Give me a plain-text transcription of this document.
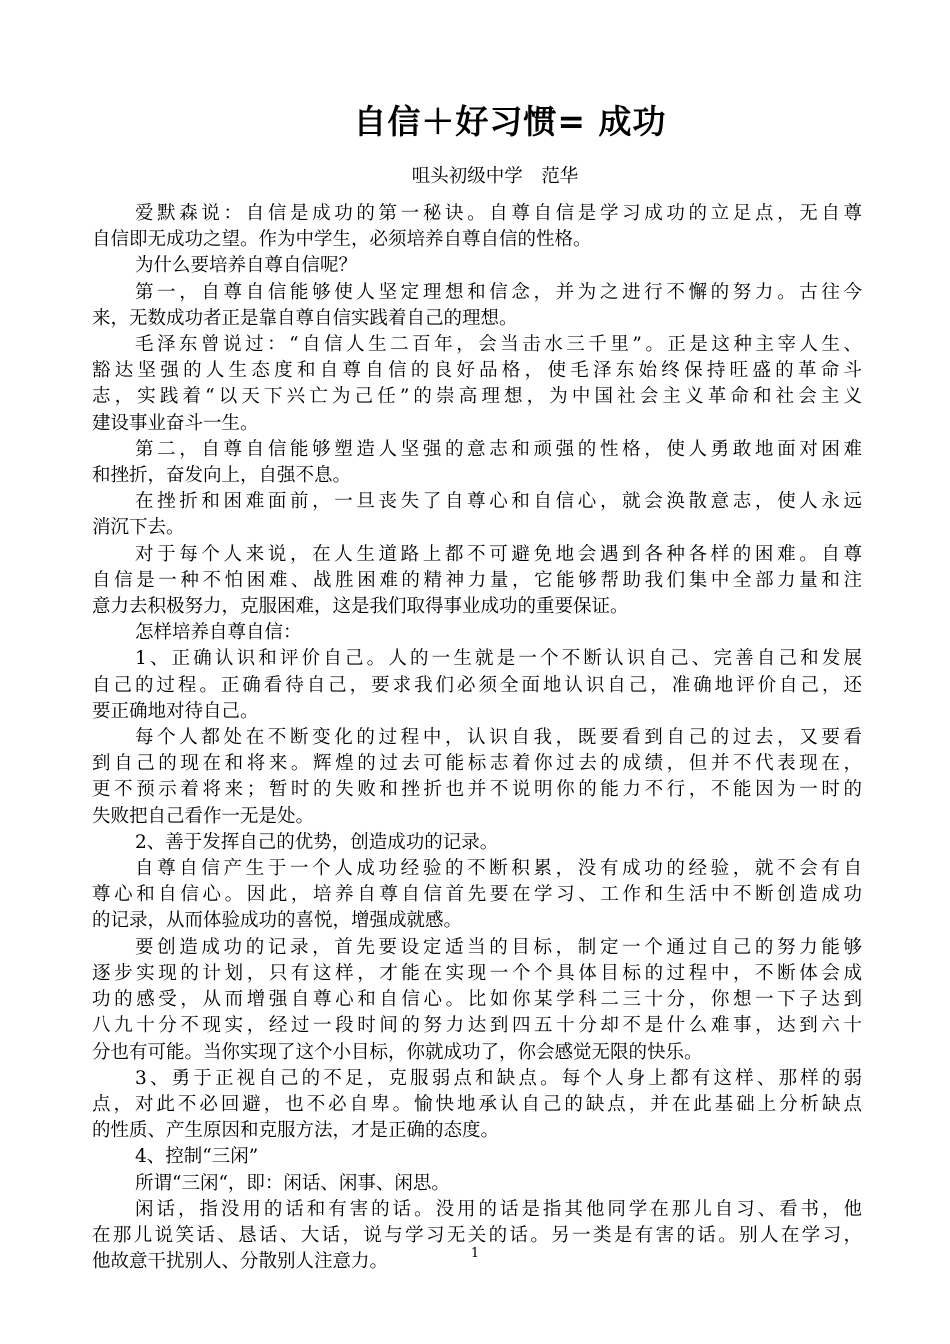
自信＋好习惯= 成功
咀头初级中学　范华
爱默森说：自信是成功的第一秘诀。自尊自信是学习成功的立足点，无自尊
自信即无成功之望。作为中学生，必须培养自尊自信的性格。
为什么要培养自尊自信呢？
第一，自尊自信能够使人坚定理想和信念，并为之进行不懈的努力。古往今
来，无数成功者正是靠自尊自信实践着自己的理想。
毛泽东曾说过：“自信人生二百年，会当击水三千里”。正是这种主宰人生、
豁达坚强的人生态度和自尊自信的良好品格，使毛泽东始终保持旺盛的革命斗
志，实践着“以天下兴亡为己任”的崇高理想，为中国社会主义革命和社会主义
建设事业奋斗一生。
第二，自尊自信能够塑造人坚强的意志和顽强的性格，使人勇敢地面对困难
和挫折，奋发向上，自强不息。
在挫折和困难面前，一旦丧失了自尊心和自信心，就会涣散意志，使人永远
消沉下去。
对于每个人来说，在人生道路上都不可避免地会遇到各种各样的困难。自尊
自信是一种不怕困难、战胜困难的精神力量，它能够帮助我们集中全部力量和注
意力去积极努力，克服困难，这是我们取得事业成功的重要保证。
怎样培养自尊自信：
1、正确认识和评价自己。人的一生就是一个不断认识自己、完善自己和发展
自己的过程。正确看待自己，要求我们必须全面地认识自己，准确地评价自己，还
要正确地对待自己。
每个人都处在不断变化的过程中，认识自我，既要看到自己的过去，又要看
到自己的现在和将来。辉煌的过去可能标志着你过去的成绩，但并不代表现在，
更不预示着将来；暂时的失败和挫折也并不说明你的能力不行，不能因为一时的
失败把自己看作一无是处。
2、善于发挥自己的优势，创造成功的记录。
自尊自信产生于一个人成功经验的不断积累，没有成功的经验，就不会有自
尊心和自信心。因此，培养自尊自信首先要在学习、工作和生活中不断创造成功
的记录，从而体验成功的喜悦，增强成就感。
要创造成功的记录，首先要设定适当的目标，制定一个通过自己的努力能够
逐步实现的计划，只有这样，才能在实现一个个具体目标的过程中，不断体会成
功的感受，从而增强自尊心和自信心。比如你某学科二三十分，你想一下子达到
八九十分不现实，经过一段时间的努力达到四五十分却不是什么难事，达到六十
分也有可能。当你实现了这个小目标，你就成功了，你会感觉无限的快乐。
3、勇于正视自己的不足，克服弱点和缺点。每个人身上都有这样、那样的弱
点，对此不必回避，也不必自卑。愉快地承认自己的缺点，并在此基础上分析缺点
的性质、产生原因和克服方法，才是正确的态度。
4、控制“三闲”
所谓“三闲“，即：闲话、闲事、闲思。
闲话，指没用的话和有害的话。没用的话是指其他同学在那儿自习、看书，他
在那儿说笑话、恳话、大话，说与学习无关的话。另一类是有害的话。别人在学习，
他故意干扰别人、分散别人注意力。	1
